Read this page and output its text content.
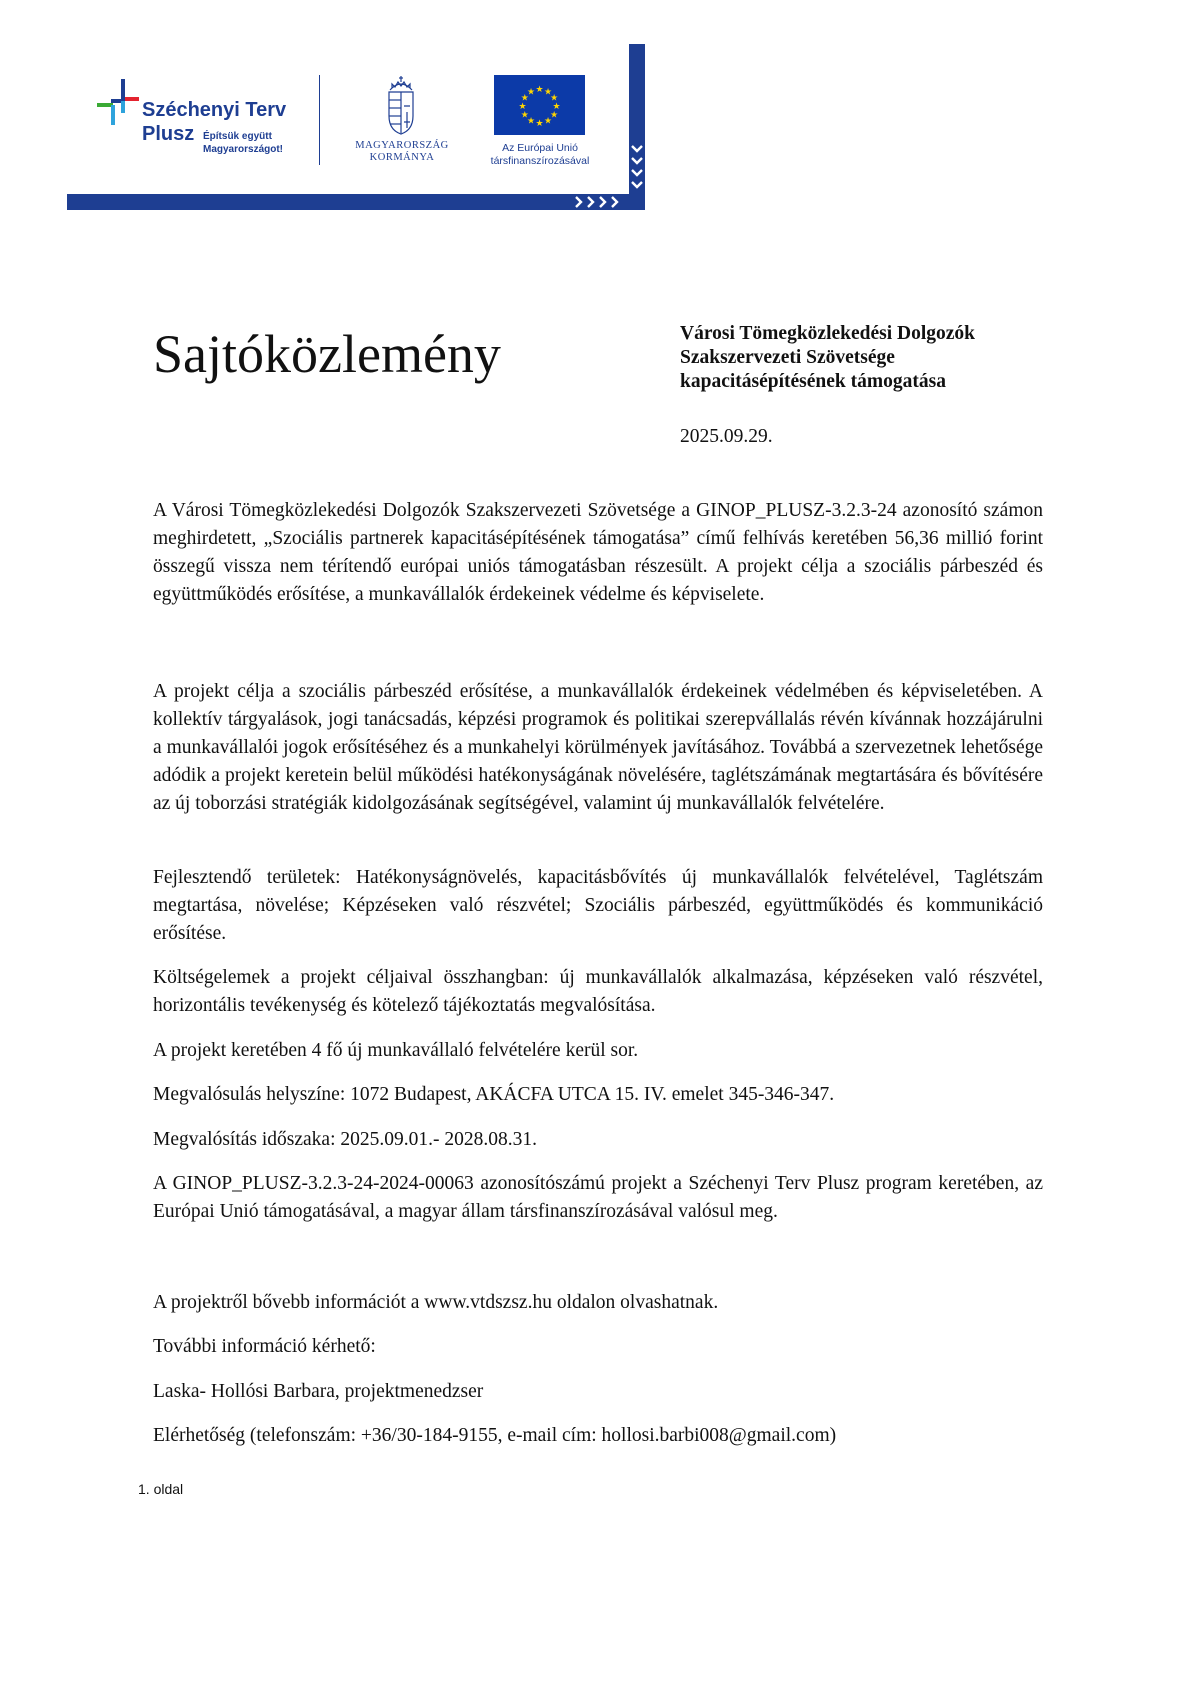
Széchenyi Terv
Plusz Építsük együtt
Magyarországot!	MAGYARORSZÁG
KORMÁNYA
★ ★
★
★
★
★
★
★
★
★
★
★
Az Európai Unió
társfinanszírozásával
Sajtóközlemény	Városi Tömegközlekedési Dolgozók
Szakszervezeti Szövetsége
kapacitásépítésének támogatása
2025.09.29.

A Városi Tömegközlekedési Dolgozók Szakszervezeti Szövetsége a GINOP_PLUSZ-3.2.3-24 azonosító számon meghirdetett, „Szociális partnerek kapacitásépítésének támogatása” című felhívás keretében 56,36 millió forint összegű vissza nem térítendő európai uniós támogatásban részesült. A projekt célja a szociális párbeszéd és együttműködés erősítése, a munkavállalók érdekeinek védelme és képviselete.

A projekt célja a szociális párbeszéd erősítése, a munkavállalók érdekeinek védelmében és képviseletében. A kollektív tárgyalások, jogi tanácsadás, képzési programok és politikai szerepvállalás révén kívánnak hozzájárulni a munkavállalói jogok erősítéséhez és a munkahelyi körülmények javításához. Továbbá a szervezetnek lehetősége adódik a projekt keretein belül működési hatékonyságának növelésére, taglétszámának megtartására és bővítésére az új toborzási stratégiák kidolgozásának segítségével, valamint új munkavállalók felvételére.

Fejlesztendő területek: Hatékonyságnövelés, kapacitásbővítés új munkavállalók felvételével, Taglétszám megtartása, növelése; Képzéseken való részvétel; Szociális párbeszéd, együttműködés és kommunikáció erősítése.

Költségelemek a projekt céljaival összhangban: új munkavállalók alkalmazása, képzéseken való részvétel, horizontális tevékenység és kötelező tájékoztatás megvalósítása.

A projekt keretében 4 fő új munkavállaló felvételére kerül sor.

Megvalósulás helyszíne: 1072 Budapest, AKÁCFA UTCA 15. IV. emelet 345-346-347.

Megvalósítás időszaka: 2025.09.01.- 2028.08.31.

A GINOP_PLUSZ-3.2.3-24-2024-00063 azonosítószámú projekt a Széchenyi Terv Plusz program keretében, az Európai Unió támogatásával, a magyar állam társfinanszírozásával valósul meg.

A projektről bővebb információt a www.vtdszsz.hu oldalon olvashatnak.

További információ kérhető:

Laska- Hollósi Barbara, projektmenedzser

Elérhetőség (telefonszám: +36/30-184-9155, e-mail cím: hollosi.barbi008@gmail.com)

1. oldal
